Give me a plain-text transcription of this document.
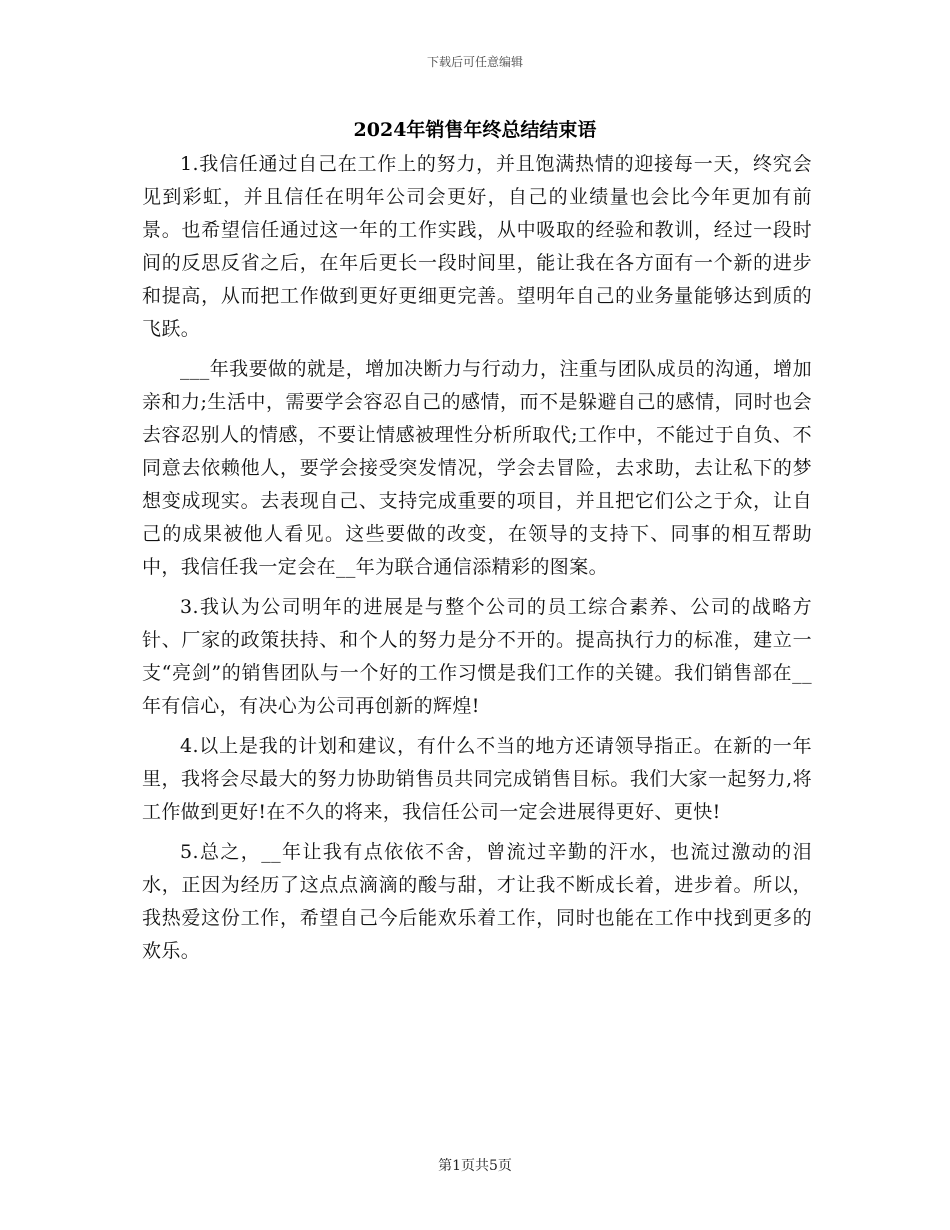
下载后可任意编辑
2024年销售年终总结结束语

1.我信任通过自己在工作上的努力，并且饱满热情的迎接每一天，终究会见到彩虹，并且信任在明年公司会更好，自己的业绩量也会比今年更加有前景。也希望信任通过这一年的工作实践，从中吸取的经验和教训，经过一段时间的反思反省之后，在年后更长一段时间里，能让我在各方面有一个新的进步和提高，从而把工作做到更好更细更完善。望明年自己的业务量能够达到质的飞跃。

___年我要做的就是，增加决断力与行动力，注重与团队成员的沟通，增加亲和力;生活中，需要学会容忍自己的感情，而不是躲避自己的感情，同时也会去容忍别人的情感，不要让情感被理性分析所取代;工作中，不能过于自负、不同意去依赖他人，要学会接受突发情况，学会去冒险，去求助，去让私下的梦想变成现实。去表现自己、支持完成重要的项目，并且把它们公之于众，让自己的成果被他人看见。这些要做的改变，在领导的支持下、同事的相互帮助中，我信任我一定会在__年为联合通信添精彩的图案。

3.我认为公司明年的进展是与整个公司的员工综合素养、公司的战略方针、厂家的政策扶持、和个人的努力是分不开的。提高执行力的标准，建立一支“亮剑”的销售团队与一个好的工作习惯是我们工作的关键。我们销售部在__年有信心，有决心为公司再创新的辉煌!

4.以上是我的计划和建议，有什么不当的地方还请领导指正。在新的一年里，我将会尽最大的努力协助销售员共同完成销售目标。我们大家一起努力,将工作做到更好!在不久的将来，我信任公司一定会进展得更好、更快!

5.总之，__年让我有点依依不舍，曾流过辛勤的汗水，也流过激动的泪水，正因为经历了这点点滴滴的酸与甜，才让我不断成长着，进步着。所以，我热爱这份工作，希望自己今后能欢乐着工作，同时也能在工作中找到更多的欢乐。

第1页共5页
